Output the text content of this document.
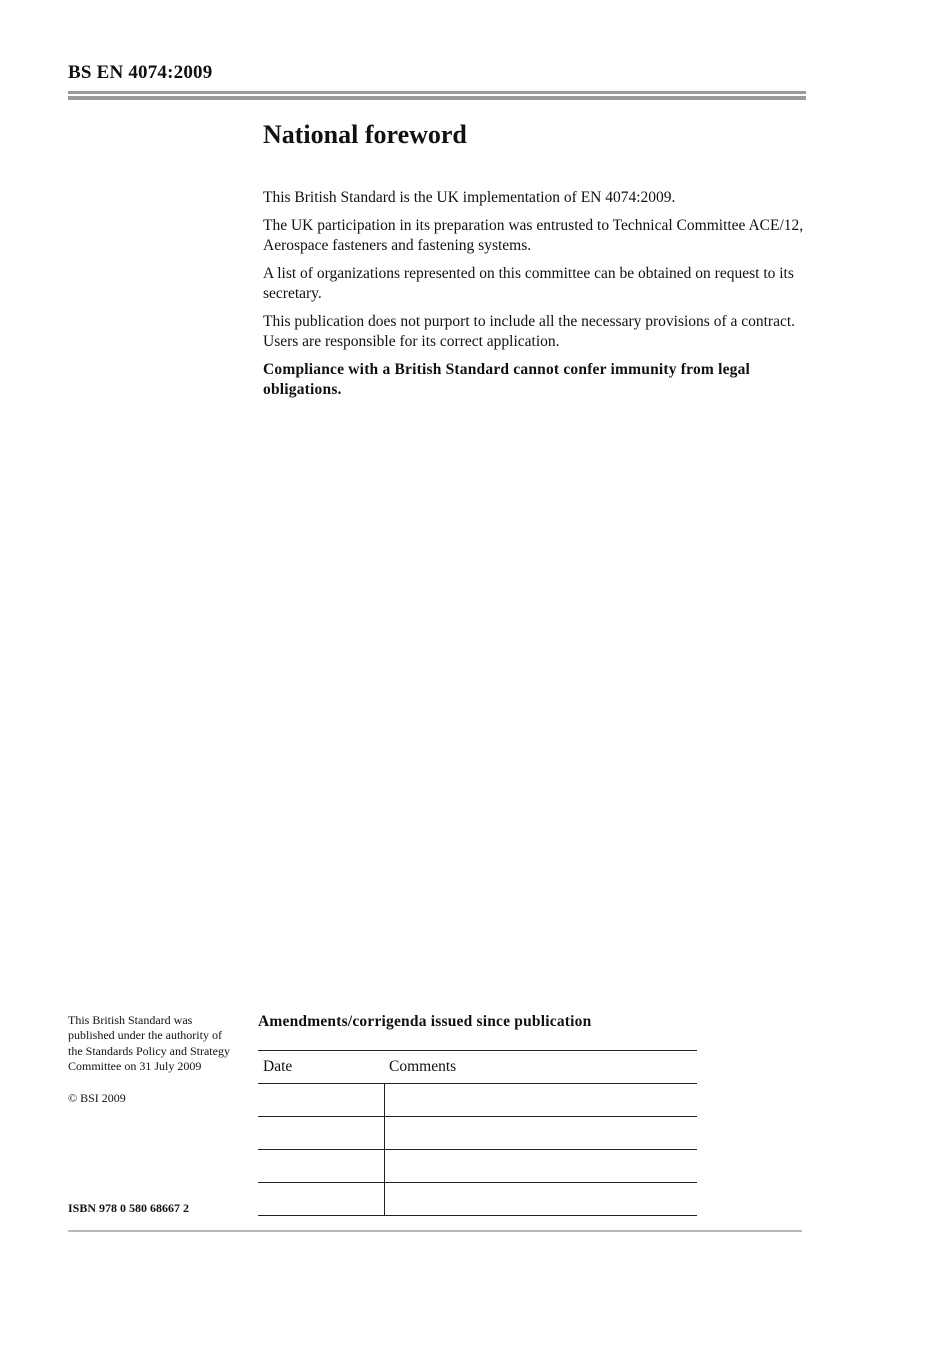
BS EN 4074:2009
National foreword

This British Standard is the UK implementation of EN 4074:2009.

The UK participation in its preparation was entrusted to Technical Committee ACE/12, Aerospace fasteners and fastening systems.

A list of organizations represented on this committee can be obtained on request to its secretary.

This publication does not purport to include all the necessary provisions of a contract. Users are responsible for its correct application.

Compliance with a British Standard cannot confer immunity from legal obligations.

This British Standard was published under the authority of the Standards Policy and Strategy Committee on 31 July 2009

© BSI 2009

ISBN 978 0 580 68667 2
Amendments/corrigenda issued since publication
Date	Comments
